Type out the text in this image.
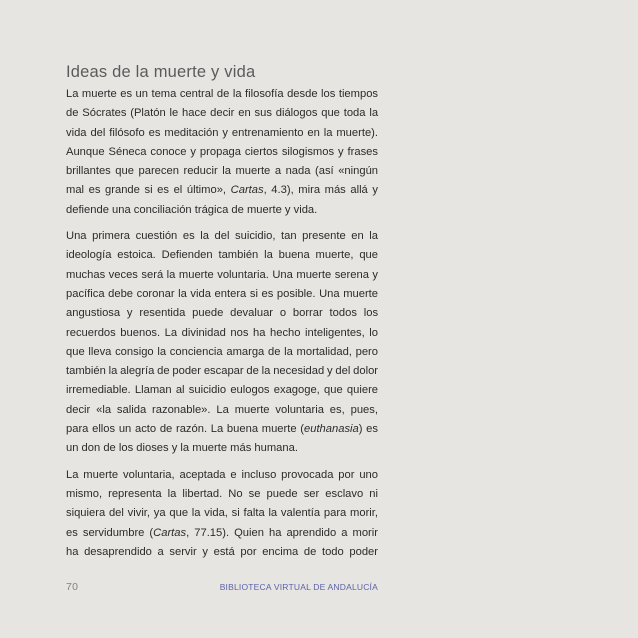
Ideas de la muerte y vida

La muerte es un tema central de la filosofía desde los tiempos
de Sócrates (Platón le hace decir en sus diálogos que toda la
vida del filósofo es meditación y entrenamiento en la muerte).
Aunque Séneca conoce y propaga ciertos silogismos y frases
brillantes que parecen reducir la muerte a nada (así «ningún
mal es grande si es el último», Cartas, 4.3), mira más allá y
defiende una conciliación trágica de muerte y vida.

Una primera cuestión es la del suicidio, tan presente en la
ideología estoica. Defienden también la buena muerte, que
muchas veces será la muerte voluntaria. Una muerte serena y
pacífica debe coronar la vida entera si es posible. Una muerte
angustiosa y resentida puede devaluar o borrar todos los
recuerdos buenos. La divinidad nos ha hecho inteligentes, lo
que lleva consigo la conciencia amarga de la mortalidad, pero
también la alegría de poder escapar de la necesidad y del dolor
irremediable. Llaman al suicidio eulogos exagoge, que quiere
decir «la salida razonable». La muerte voluntaria es, pues,
para ellos un acto de razón. La buena muerte (euthanasia) es
un don de los dioses y la muerte más humana.

La muerte voluntaria, aceptada e incluso provocada por uno
mismo, representa la libertad. No se puede ser esclavo ni
siquiera del vivir, ya que la vida, si falta la valentía para morir,
es servidumbre (Cartas, 77.15). Quien ha aprendido a morir
ha desaprendido a servir y está por encima de todo poder

70	BIBLIOTECA VIRTUAL DE ANDALUCÍA
